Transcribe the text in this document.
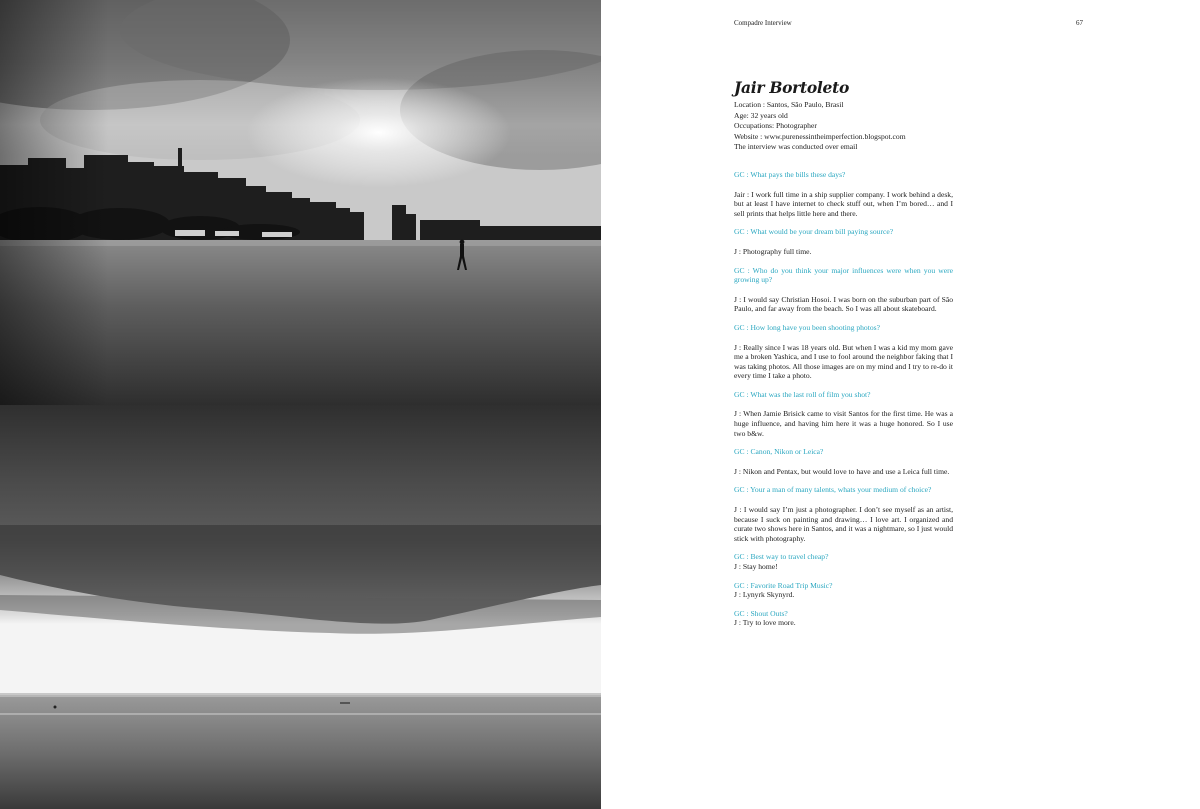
Compadre Interview	67
Jair Bortoleto
Location : Santos, São Paulo, Brasil
Age: 32 years old
Occupations: Photographer
Website : www.purenessintheimperfection.blogspot.com
The interview was conducted over email
GC : What pays the bills these days?
Jair : I work full time in a ship supplier company. I work behind a desk, but at least I have internet to check stuff out, when I’m bored… and I sell prints that helps little here and there.
GC : What would be your dream bill paying source?
J : Photography full time.
GC : Who do you think your major influences were when you were growing up?
J : I would say Christian Hosoi. I was born on the suburban part of São Paulo, and far away from the beach. So I was all about skateboard.
GC : How long have you been shooting photos?
J : Really since I was 18 years old. But when I was a kid my mom gave me a broken Yashica, and I use to fool around the neighbor faking that I was taking photos. All those images are on my mind and I try to re-do it every time I take a photo.
GC : What was the last roll of film you shot?
J : When Jamie Brisick came to visit Santos for the first time. He was a huge influence, and having him here it was a huge honored. So I use two b&w.
GC : Canon, Nikon or Leica?
J : Nikon and Pentax, but would love to have and use a Leica full time.
GC : Your a man of many talents, whats your medium of choice?
J : I would say I’m just a photographer. I don’t see myself as an artist, because I suck on painting and drawing… I love art. I organized and curate two shows here in Santos, and it was a nightmare, so I just would stick with photography.
GC : Best way to travel cheap?
J : Stay home!
GC : Favorite Road Trip Music?
J : Lynyrk Skynyrd.
GC : Shout Outs?
J : Try to love more.
